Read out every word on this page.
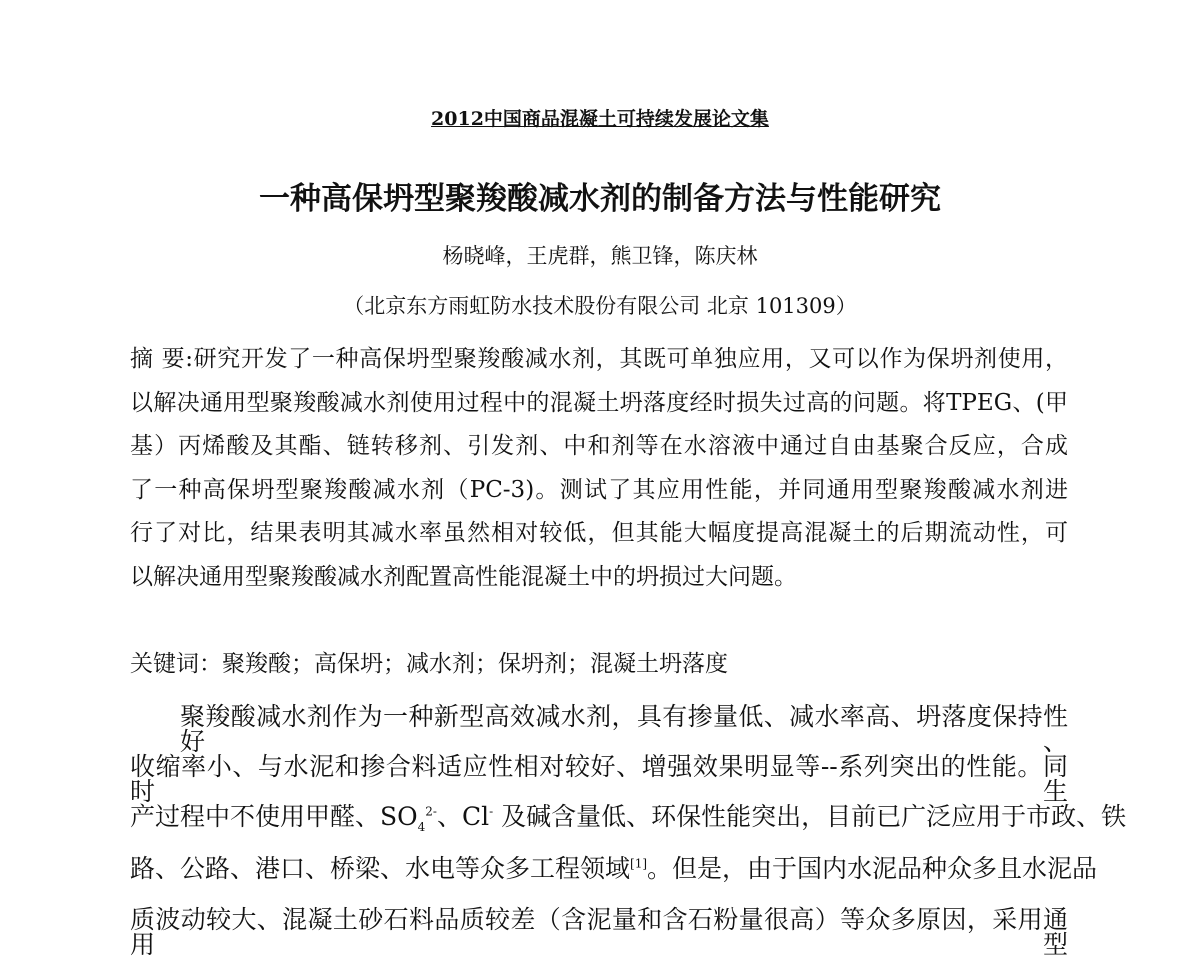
2012中国商品混凝土可持续发展论文集
一种高保坍型聚羧酸减水剂的制备方法与性能研究
杨晓峰，王虎群，熊卫锋，陈庆林
（北京东方雨虹防水技术股份有限公司 北京 101309）
摘 要:研究开发了一种高保坍型聚羧酸减水剂，其既可单独应用，又可以作为保坍剂使用，
以解决通用型聚羧酸减水剂使用过程中的混凝土坍落度经时损失过高的问题。将TPEG、(甲
基）丙烯酸及其酯、链转移剂、引发剂、中和剂等在水溶液中通过自由基聚合反应，合成
了一种高保坍型聚羧酸减水剂（PC-3)。测试了其应用性能，并同通用型聚羧酸减水剂进
行了对比，结果表明其减水率虽然相对较低，但其能大幅度提高混凝土的后期流动性，可
以解决通用型聚羧酸减水剂配置高性能混凝土中的坍损过大问题。
关键词：聚羧酸；高保坍；减水剂；保坍剂；混凝土坍落度
聚羧酸减水剂作为一种新型高效减水剂，具有掺量低、减水率高、坍落度保持性好、
收缩率小、与水泥和掺合料适应性相对较好、增强效果明显等--系列突出的性能。同时生
产过程中不使用甲醛、$SO_4^{2-}$、Cl- 及碱含量低、环保性能突出，目前已广泛应用于市政、铁
路、公路、港口、桥梁、水电等众多工程领域[1]。但是，由于国内水泥品种众多且水泥品
质波动较大、混凝土砂石料品质较差（含泥量和含石粉量很高）等众多原因，采用通用型
